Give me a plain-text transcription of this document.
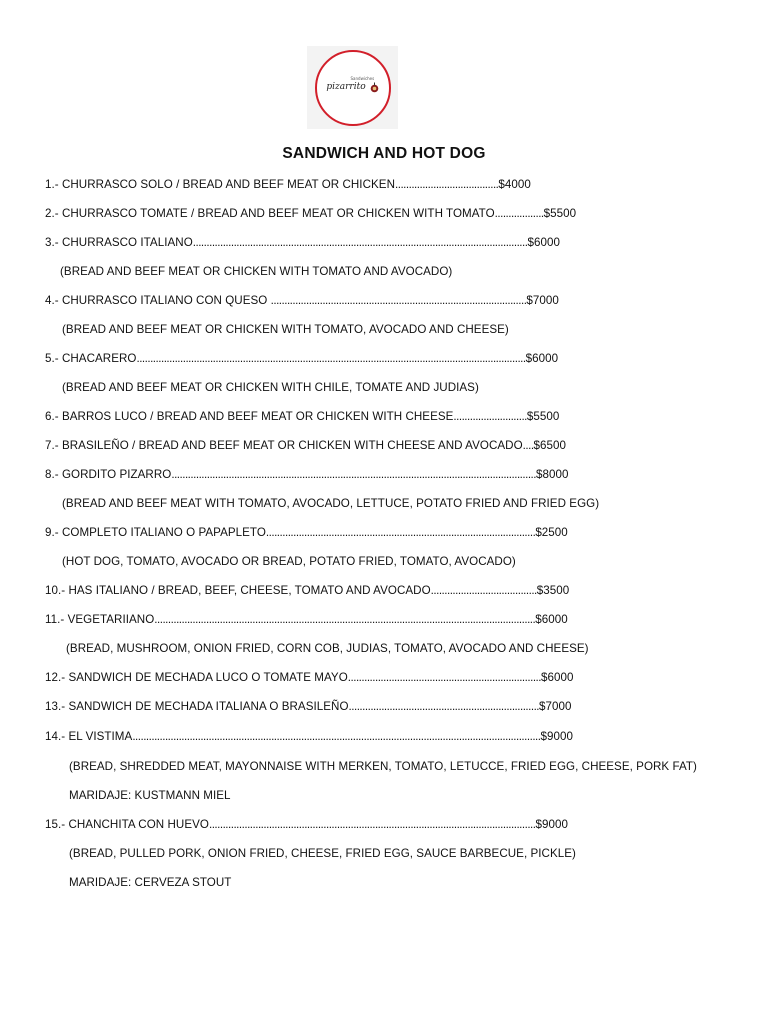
Sandwiches
pizarrito
SANDWICH AND HOT DOG
1.- CHURRASCO SOLO / BREAD AND BEEF MEAT OR CHICKEN......................................$4000
2.- CHURRASCO TOMATE / BREAD AND BEEF MEAT OR CHICKEN WITH TOMATO..................$5500
3.- CHURRASCO ITALIANO...........................................................................................................................$6000
(BREAD AND BEEF MEAT OR CHICKEN WITH TOMATO AND AVOCADO)
4.- CHURRASCO ITALIANO CON QUESO ..............................................................................................$7000
(BREAD AND BEEF MEAT OR CHICKEN WITH TOMATO, AVOCADO AND CHEESE)
5.- CHACARERO...............................................................................................................................................$6000
(BREAD AND BEEF MEAT OR CHICKEN WITH CHILE, TOMATE AND JUDIAS)
6.- BARROS LUCO / BREAD AND BEEF MEAT OR CHICKEN WITH CHEESE...........................$5500
7.- BRASILEÑO / BREAD AND BEEF MEAT OR CHICKEN WITH CHEESE AND AVOCADO....$6500
8.- GORDITO PIZARRO......................................................................................................................................$8000
(BREAD AND BEEF MEAT WITH TOMATO, AVOCADO, LETTUCE, POTATO FRIED AND FRIED EGG)
9.- COMPLETO ITALIANO O PAPAPLETO...................................................................................................$2500
(HOT DOG, TOMATO, AVOCADO OR BREAD, POTATO FRIED, TOMATO, AVOCADO)
10.- HAS ITALIANO / BREAD, BEEF, CHEESE, TOMATO AND AVOCADO.......................................$3500
11.- VEGETARIIANO............................................................................................................................................$6000
(BREAD, MUSHROOM, ONION FRIED, CORN COB, JUDIAS, TOMATO, AVOCADO AND CHEESE)
12.- SANDWICH DE MECHADA LUCO O TOMATE MAYO.......................................................................$6000
13.- SANDWICH DE MECHADA ITALIANA O BRASILEÑO......................................................................$7000
14.- EL VISTIMA......................................................................................................................................................$9000
(BREAD, SHREDDED MEAT, MAYONNAISE WITH MERKEN, TOMATO, LETUCCE, FRIED EGG, CHEESE, PORK FAT)
MARIDAJE: KUSTMANN MIEL
15.- CHANCHITA CON HUEVO........................................................................................................................$9000
(BREAD, PULLED PORK, ONION FRIED, CHEESE, FRIED EGG, SAUCE BARBECUE, PICKLE)
MARIDAJE: CERVEZA STOUT
